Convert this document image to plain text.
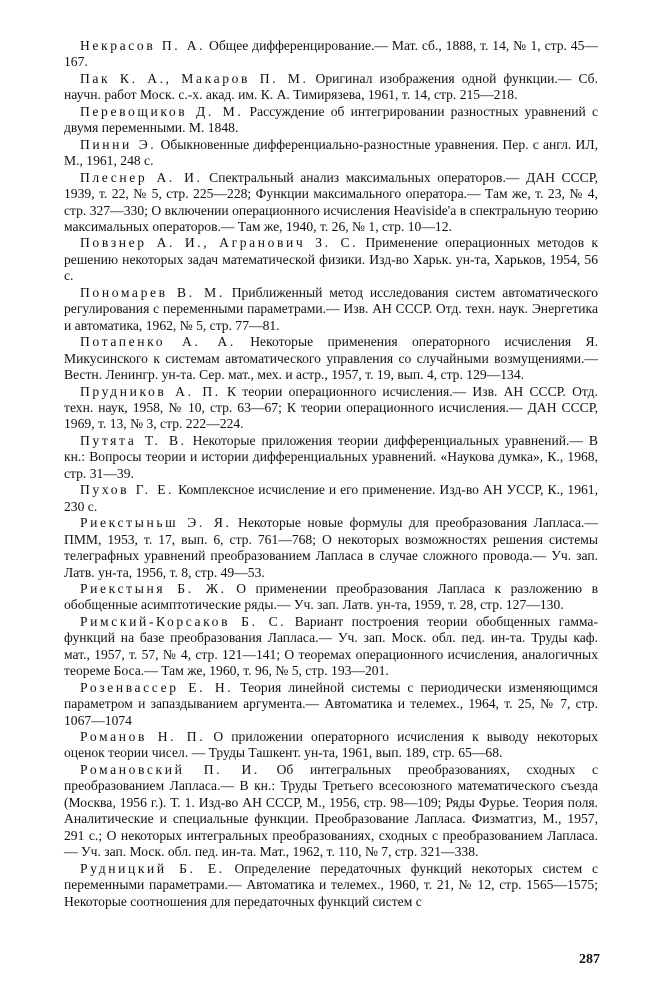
Некрасов П. А. Общее дифференцирование.— Мат. сб., 1888, т. 14, № 1, стр. 45—167.

Пак К. А., Макаров П. М. Оригинал изображения одной функции.— Сб. научн. работ Моск. с.-х. акад. им. К. А. Тимирязева, 1961, т. 14, стр. 215—218.

Перевощиков Д. М. Рассуждение об интегрировании разностных уравнений с двумя переменными. М. 1848.

Пинни Э. Обыкновенные дифференциально-разностные уравнения. Пер. с англ. ИЛ, М., 1961, 248 с.

Плеснер А. И. Спектральный анализ максимальных операторов.— ДАН СССР, 1939, т. 22, № 5, стр. 225—228; Функции максимального оператора.— Там же, т. 23, № 4, стр. 327—330; О включении операционного исчисления Heaviside'а в спектральную теорию максимальных операторов.— Там же, 1940, т. 26, № 1, стр. 10—12.

Повзнер А. И., Агранович З. С. Применение операционных методов к решению некоторых задач математической физики. Изд-во Харьк. ун-та, Харьков, 1954, 56 с.

Пономарев В. М. Приближенный метод исследования систем автоматического регулирования с переменными параметрами.— Изв. АН СССР. Отд. техн. наук. Энергетика и автоматика, 1962, № 5, стр. 77—81.

Потапенко А. А. Некоторые применения операторного исчисления Я. Микусинского к системам автоматического управления со случайными возмущениями.— Вестн. Ленингр. ун-та. Сер. мат., мех. и астр., 1957, т. 19, вып. 4, стр. 129—134.

Прудников А. П. К теории операционного исчисления.— Изв. АН СССР. Отд. техн. наук, 1958, № 10, стр. 63—67; К теории операционного исчисления.— ДАН СССР, 1969, т. 13, № 3, стр. 222—224.

Путята Т. В. Некоторые приложения теории дифференциальных уравнений.— В кн.: Вопросы теории и истории дифференциальных уравнений. «Наукова думка», К., 1968, стр. 31—39.

Пухов Г. Е. Комплексное исчисление и его применение. Изд-во АН УССР, К., 1961, 230 с.

Риекстыньш Э. Я. Некоторые новые формулы для преобразования Лапласа.—ПММ, 1953, т. 17, вып. 6, стр. 761—768; О некоторых возможностях решения системы телеграфных уравнений преобразованием Лапласа в случае сложного провода.— Уч. зап. Латв. ун-та, 1956, т. 8, стр. 49—53.

Риекстыня Б. Ж. О применении преобразования Лапласа к разложению в обобщенные асимптотические ряды.— Уч. зап. Латв. ун-та, 1959, т. 28, стр. 127—130.

Римский-Корсаков Б. С. Вариант построения теории обобщенных гамма-функций на базе преобразования Лапласа.— Уч. зап. Моск. обл. пед. ин-та. Труды каф. мат., 1957, т. 57, № 4, стр. 121—141; О теоремах операционного исчисления, аналогичных теореме Боса.— Там же, 1960, т. 96, № 5, стр. 193—201.

Розенвассер Е. Н. Теория линейной системы с периодически изменяющимся параметром и запаздыванием аргумента.— Автоматика и телемех., 1964, т. 25, № 7, стр. 1067—1074

Романов Н. П. О приложении операторного исчисления к выводу некоторых оценок теории чисел. — Труды Ташкент. ун-та, 1961, вып. 189, стр. 65—68.

Романовский П. И. Об интегральных преобразованиях, сходных с преобразованием Лапласа.— В кн.: Труды Третьего всесоюзного математического съезда (Москва, 1956 г.). Т. 1. Изд-во АН СССР, М., 1956, стр. 98—109; Ряды Фурье. Теория поля. Аналитические и специальные функции. Преобразование Лапласа. Физматгиз, М., 1957, 291 с.; О некоторых интегральных преобразованиях, сходных с преобразованием Лапласа.— Уч. зап. Моск. обл. пед. ин-та. Мат., 1962, т. 110, № 7, стр. 321—338.

Рудницкий Б. Е. Определение передаточных функций некоторых систем с переменными параметрами.— Автоматика и телемех., 1960, т. 21, № 12, стр. 1565—1575; Некоторые соотношения для передаточных функций систем с

287
